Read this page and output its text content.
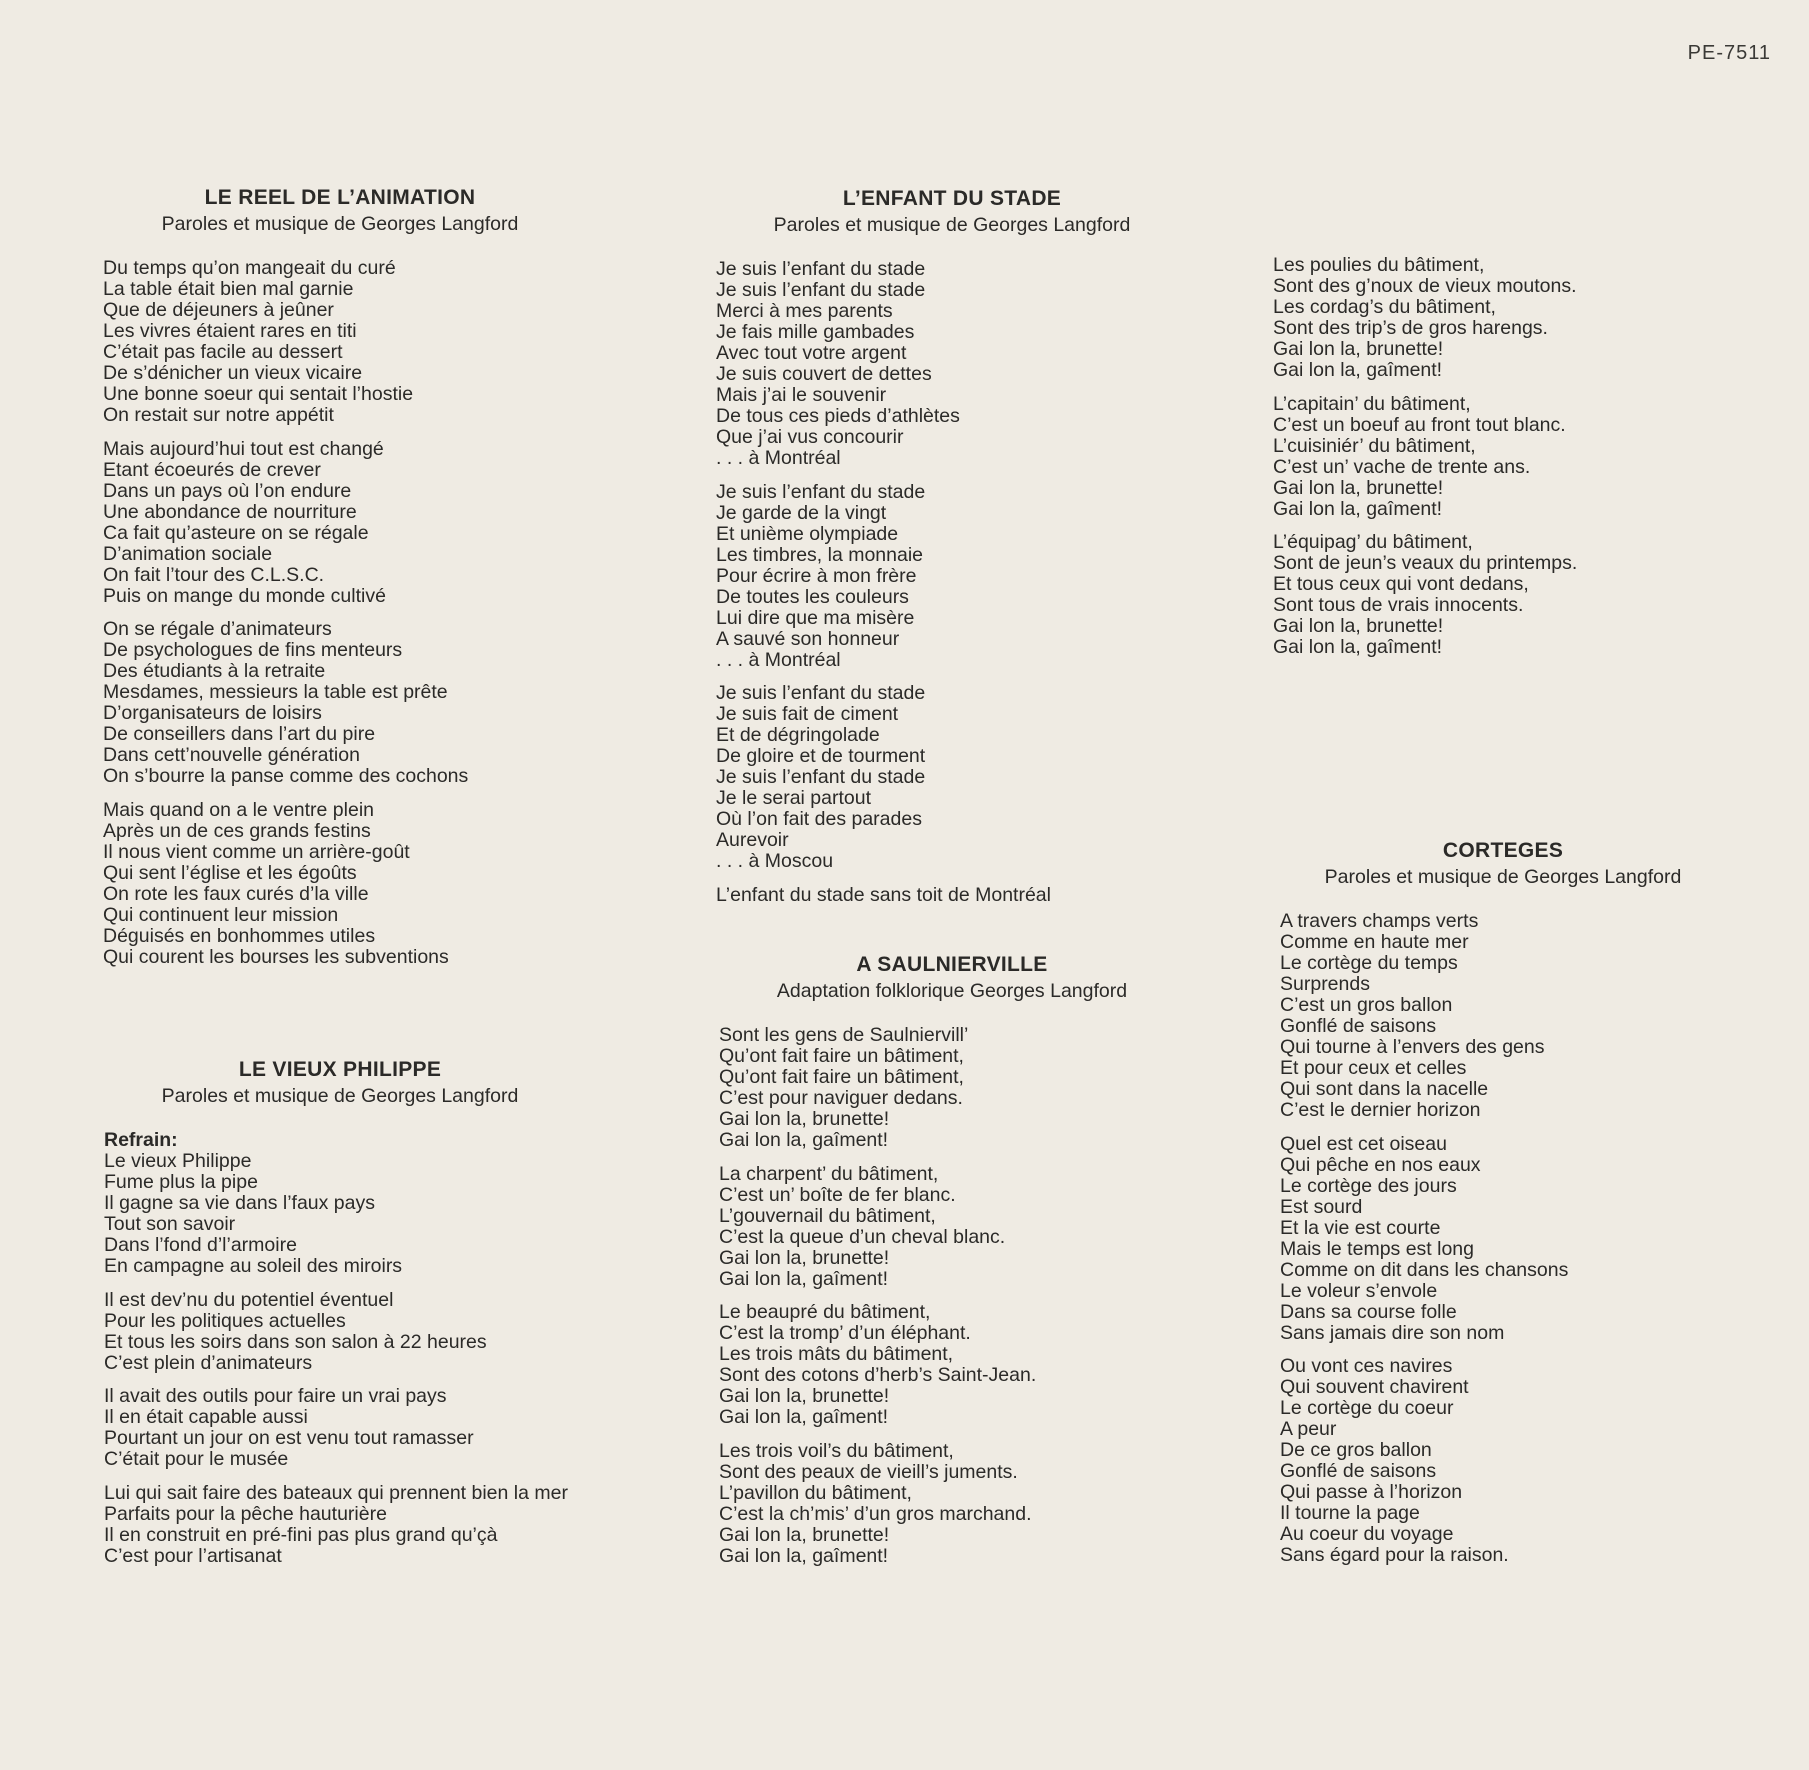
PE-7511
LE REEL DE L’ANIMATION
Paroles et musique de Georges Langford
Du temps qu’on mangeait du curé
La table était bien mal garnie
Que de déjeuners à jeûner
Les vivres étaient rares en titi
C’était pas facile au dessert
De s’dénicher un vieux vicaire
Une bonne soeur qui sentait l’hostie
On restait sur notre appétit
Mais aujourd’hui tout est changé
Etant écoeurés de crever
Dans un pays où l’on endure
Une abondance de nourriture
Ca fait qu’asteure on se régale
D’animation sociale
On fait l’tour des C.L.S.C.
Puis on mange du monde cultivé
On se régale d’animateurs
De psychologues de fins menteurs
Des étudiants à la retraite
Mesdames, messieurs la table est prête
D’organisateurs de loisirs
De conseillers dans l’art du pire
Dans cett’nouvelle génération
On s’bourre la panse comme des cochons
Mais quand on a le ventre plein
Après un de ces grands festins
Il nous vient comme un arrière-goût
Qui sent l’église et les égoûts
On rote les faux curés d’la ville
Qui continuent leur mission
Déguisés en bonhommes utiles
Qui courent les bourses les subventions
LE VIEUX PHILIPPE
Paroles et musique de Georges Langford
Refrain:
Le vieux Philippe
Fume plus la pipe
Il gagne sa vie dans l’faux pays
Tout son savoir
Dans l’fond d’l’armoire
En campagne au soleil des miroirs
Il est dev’nu du potentiel éventuel
Pour les politiques actuelles
Et tous les soirs dans son salon à 22 heures
C’est plein d’animateurs
Il avait des outils pour faire un vrai pays
Il en était capable aussi
Pourtant un jour on est venu tout ramasser
C’était pour le musée
Lui qui sait faire des bateaux qui prennent bien la mer
Parfaits pour la pêche hauturière
Il en construit en pré-fini pas plus grand qu’çà
C’est pour l’artisanat
L’ENFANT DU STADE
Paroles et musique de Georges Langford
Je suis l’enfant du stade
Je suis l’enfant du stade
Merci à mes parents
Je fais mille gambades
Avec tout votre argent
Je suis couvert de dettes
Mais j’ai le souvenir
De tous ces pieds d’athlètes
Que j’ai vus concourir
. . . à Montréal
Je suis l’enfant du stade
Je garde de la vingt
Et unième olympiade
Les timbres, la monnaie
Pour écrire à mon frère
De toutes les couleurs
Lui dire que ma misère
A sauvé son honneur
. . . à Montréal
Je suis l’enfant du stade
Je suis fait de ciment
Et de dégringolade
De gloire et de tourment
Je suis l’enfant du stade
Je le serai partout
Où l’on fait des parades
Aurevoir
. . . à Moscou
L’enfant du stade sans toit de Montréal
A SAULNIERVILLE
Adaptation folklorique Georges Langford
Sont les gens de Saulniervill’
Qu’ont fait faire un bâtiment,
Qu’ont fait faire un bâtiment,
C’est pour naviguer dedans.
Gai lon la, brunette!
Gai lon la, gaîment!
La charpent’ du bâtiment,
C’est un’ boîte de fer blanc.
L’gouvernail du bâtiment,
C’est la queue d’un cheval blanc.
Gai lon la, brunette!
Gai lon la, gaîment!
Le beaupré du bâtiment,
C’est la tromp’ d’un éléphant.
Les trois mâts du bâtiment,
Sont des cotons d’herb’s Saint-Jean.
Gai lon la, brunette!
Gai lon la, gaîment!
Les trois voil’s du bâtiment,
Sont des peaux de vieill’s juments.
L’pavillon du bâtiment,
C’est la ch’mis’ d’un gros marchand.
Gai lon la, brunette!
Gai lon la, gaîment!
Les poulies du bâtiment,
Sont des g’noux de vieux moutons.
Les cordag’s du bâtiment,
Sont des trip’s de gros harengs.
Gai lon la, brunette!
Gai lon la, gaîment!
L’capitain’ du bâtiment,
C’est un boeuf au front tout blanc.
L’cuisiniér’ du bâtiment,
C’est un’ vache de trente ans.
Gai lon la, brunette!
Gai lon la, gaîment!
L’équipag’ du bâtiment,
Sont de jeun’s veaux du printemps.
Et tous ceux qui vont dedans,
Sont tous de vrais innocents.
Gai lon la, brunette!
Gai lon la, gaîment!
CORTEGES
Paroles et musique de Georges Langford
A travers champs verts
Comme en haute mer
Le cortège du temps
Surprends
C’est un gros ballon
Gonflé de saisons
Qui tourne à l’envers des gens
Et pour ceux et celles
Qui sont dans la nacelle
C’est le dernier horizon
Quel est cet oiseau
Qui pêche en nos eaux
Le cortège des jours
Est sourd
Et la vie est courte
Mais le temps est long
Comme on dit dans les chansons
Le voleur s’envole
Dans sa course folle
Sans jamais dire son nom
Ou vont ces navires
Qui souvent chavirent
Le cortège du coeur
A peur
De ce gros ballon
Gonflé de saisons
Qui passe à l’horizon
Il tourne la page
Au coeur du voyage
Sans égard pour la raison.
